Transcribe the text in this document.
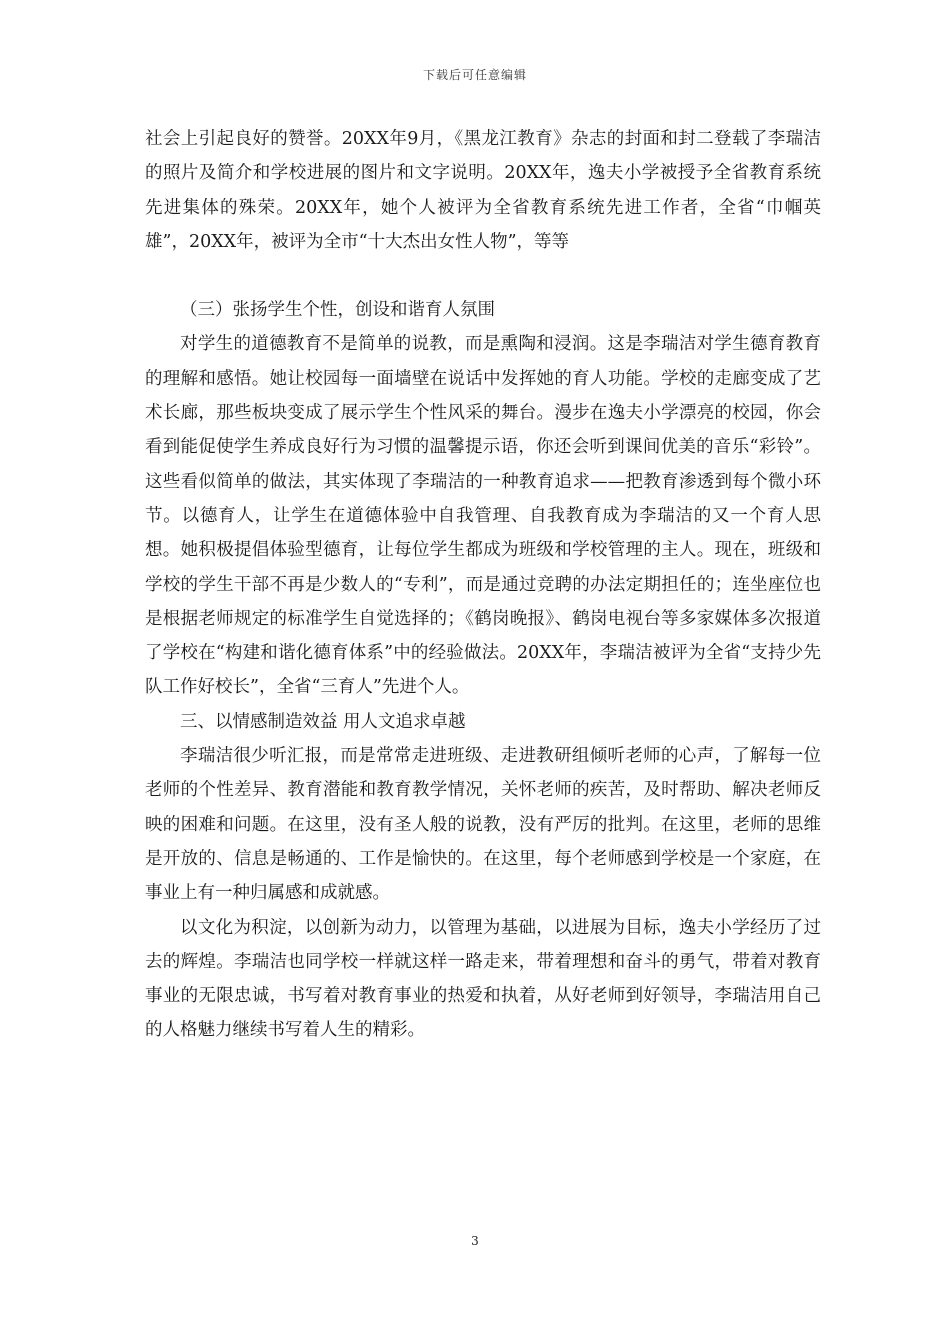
下载后可任意编辑

社会上引起良好的赞誉。20XX年9月，《黑龙江教育》杂志的封面和封二登载了李瑞洁的照片及简介和学校进展的图片和文字说明。20XX年，逸夫小学被授予全省教育系统先进集体的殊荣。20XX年，她个人被评为全省教育系统先进工作者，全省“巾帼英雄”，20XX年，被评为全市“十大杰出女性人物”，等等

（三）张扬学生个性，创设和谐育人氛围

对学生的道德教育不是简单的说教，而是熏陶和浸润。这是李瑞洁对学生德育教育的理解和感悟。她让校园每一面墙壁在说话中发挥她的育人功能。学校的走廊变成了艺术长廊，那些板块变成了展示学生个性风采的舞台。漫步在逸夫小学漂亮的校园，你会看到能促使学生养成良好行为习惯的温馨提示语，你还会听到课间优美的音乐“彩铃”。这些看似简单的做法，其实体现了李瑞洁的一种教育追求——把教育渗透到每个微小环节。以德育人，让学生在道德体验中自我管理、自我教育成为李瑞洁的又一个育人思想。她积极提倡体验型德育，让每位学生都成为班级和学校管理的主人。现在，班级和学校的学生干部不再是少数人的“专利”，而是通过竞聘的办法定期担任的；连坐座位也是根据老师规定的标准学生自觉选择的；《鹤岗晚报》、鹤岗电视台等多家媒体多次报道了学校在“构建和谐化德育体系”中的经验做法。20XX年，李瑞洁被评为全省“支持少先队工作好校长”，全省“三育人”先进个人。

三、以情感制造效益 用人文追求卓越

李瑞洁很少听汇报，而是常常走进班级、走进教研组倾听老师的心声，了解每一位老师的个性差异、教育潜能和教育教学情况，关怀老师的疾苦，及时帮助、解决老师反映的困难和问题。在这里，没有圣人般的说教，没有严厉的批判。在这里，老师的思维是开放的、信息是畅通的、工作是愉快的。在这里，每个老师感到学校是一个家庭，在事业上有一种归属感和成就感。

以文化为积淀，以创新为动力，以管理为基础，以进展为目标，逸夫小学经历了过去的辉煌。李瑞洁也同学校一样就这样一路走来，带着理想和奋斗的勇气，带着对教育事业的无限忠诚，书写着对教育事业的热爱和执着，从好老师到好领导，李瑞洁用自己的人格魅力继续书写着人生的精彩。

3
